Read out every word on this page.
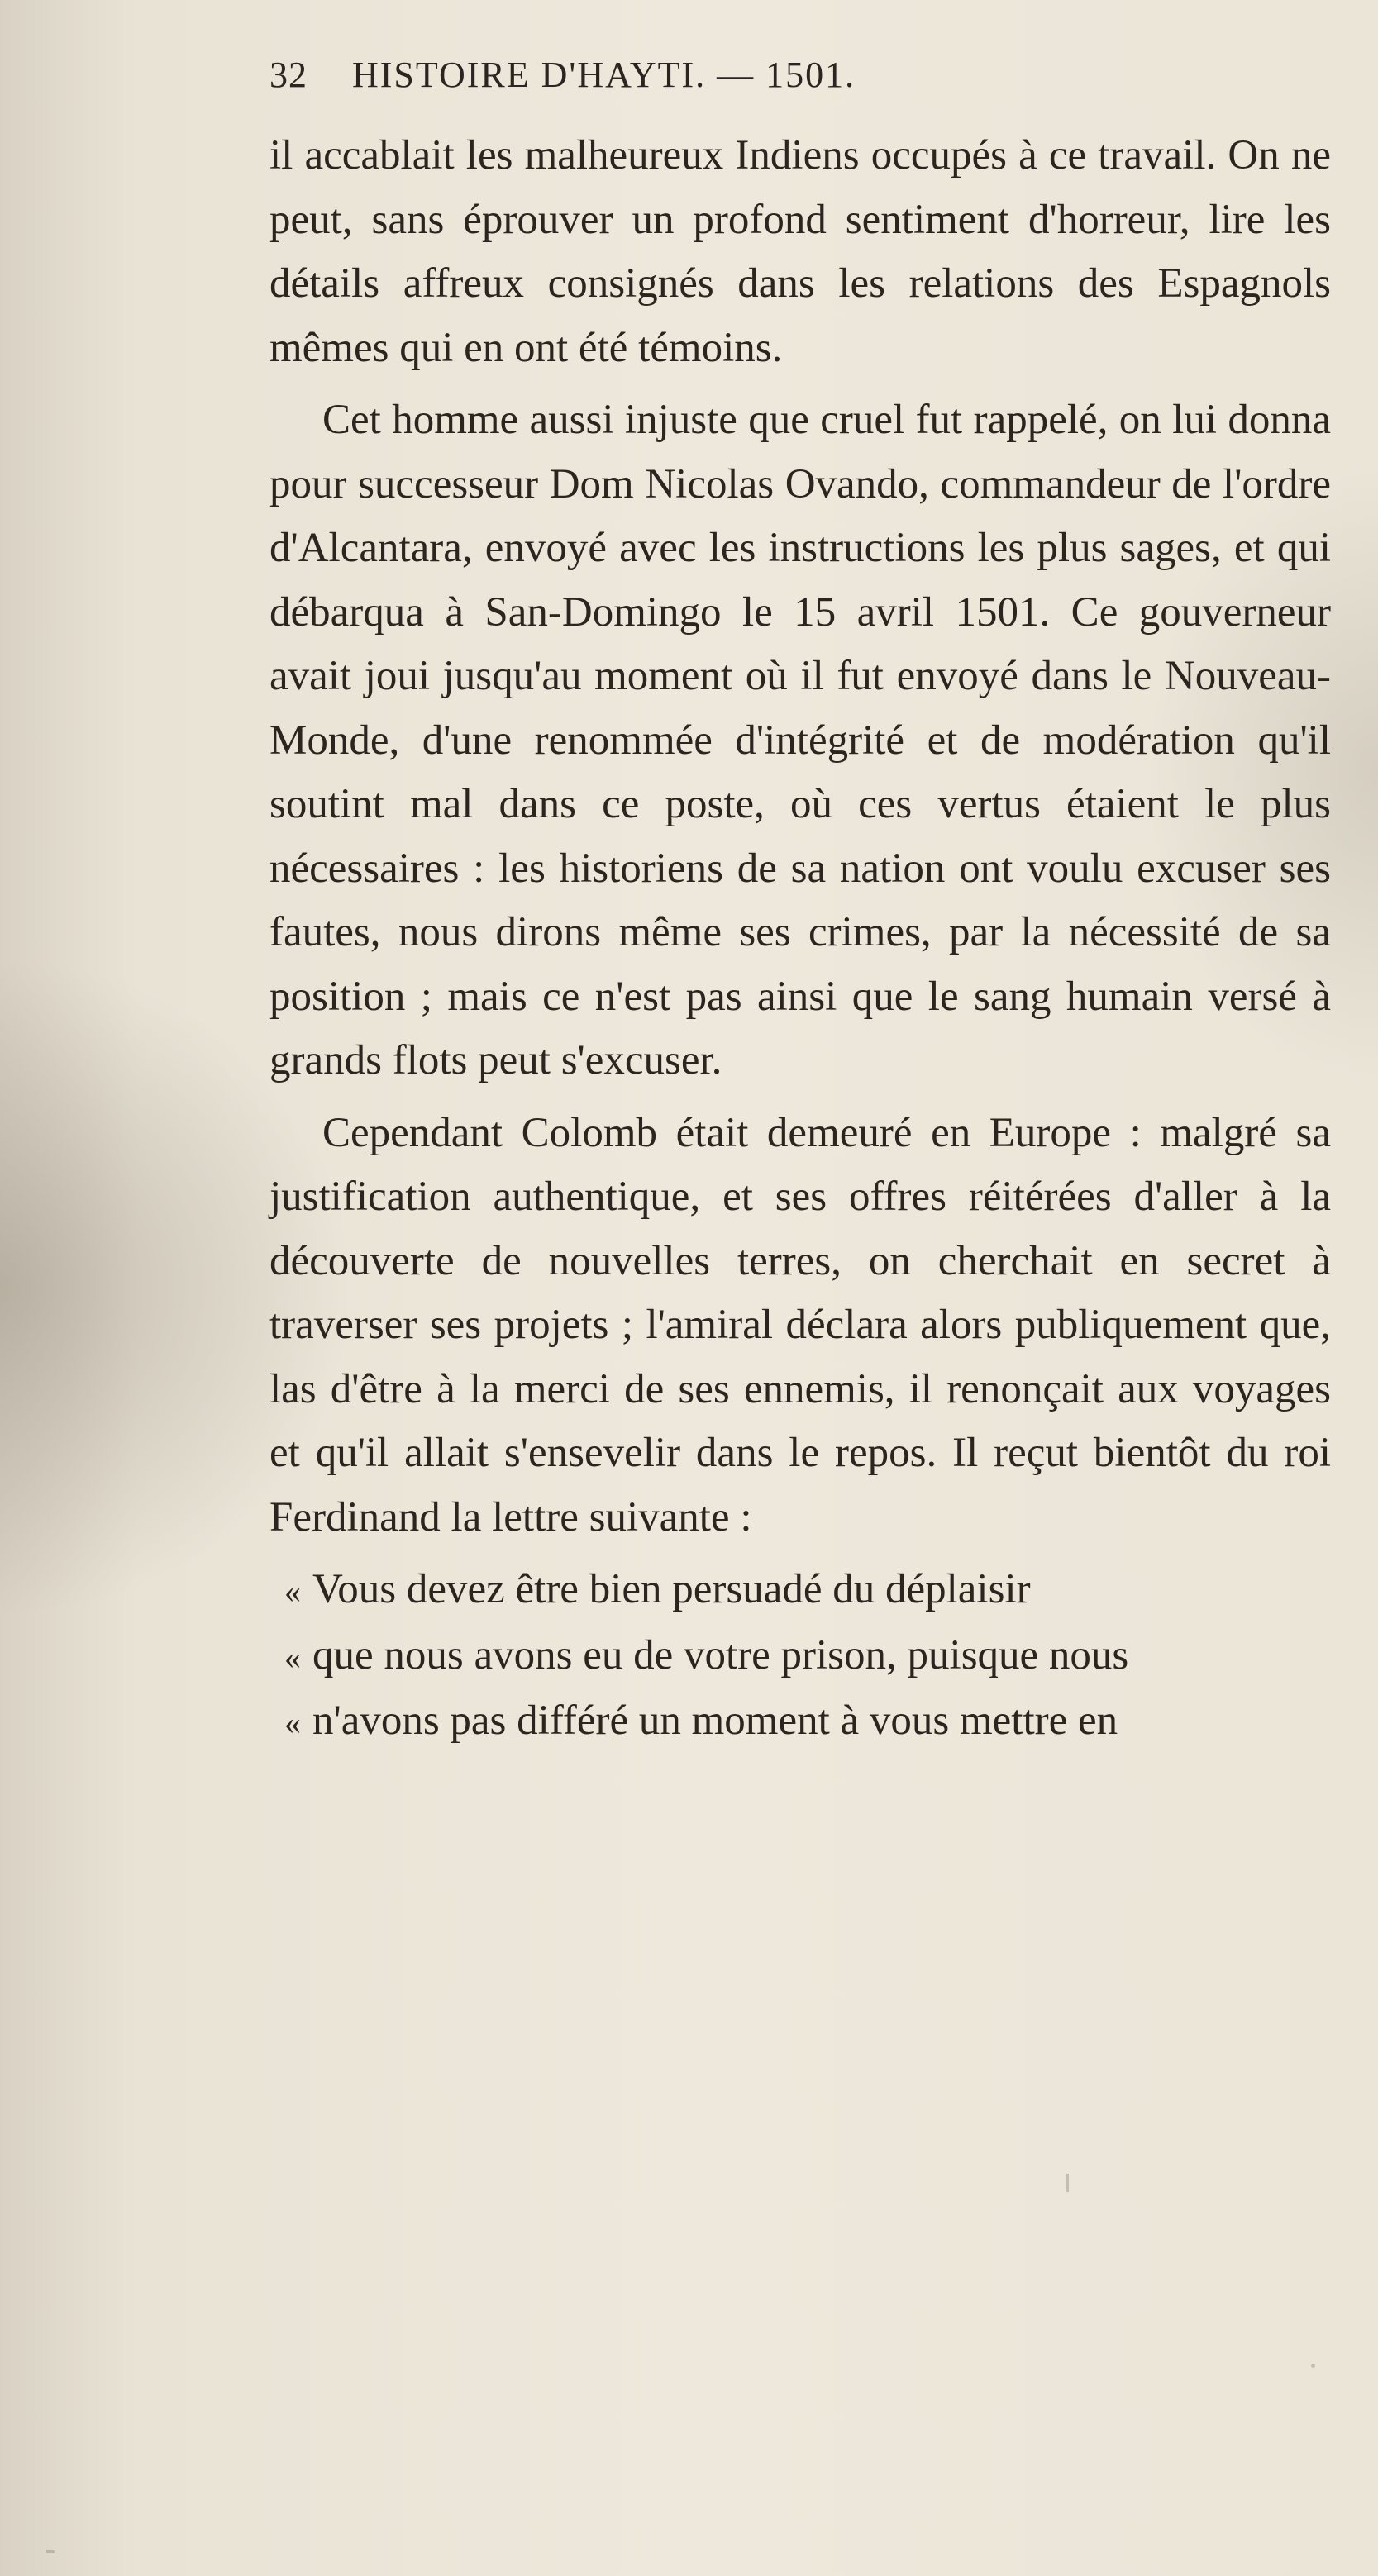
32	HISTOIRE D'HAYTI. — 1501.

il accablait les malheureux Indiens occupés à ce travail. On ne peut, sans éprouver un profond sentiment d'horreur, lire les détails affreux consignés dans les relations des Espagnols mêmes qui en ont été témoins.

Cet homme aussi injuste que cruel fut rappelé, on lui donna pour successeur Dom Nicolas Ovando, commandeur de l'ordre d'Alcantara, envoyé avec les instructions les plus sages, et qui débarqua à San-Domingo le 15 avril 1501. Ce gouverneur avait joui jusqu'au moment où il fut envoyé dans le Nouveau-Monde, d'une renommée d'intégrité et de modération qu'il soutint mal dans ce poste, où ces vertus étaient le plus nécessaires : les historiens de sa nation ont voulu excuser ses fautes, nous dirons même ses crimes, par la nécessité de sa position ; mais ce n'est pas ainsi que le sang humain versé à grands flots peut s'excuser.

Cependant Colomb était demeuré en Europe : malgré sa justification authentique, et ses offres réitérées d'aller à la découverte de nouvelles terres, on cherchait en secret à traverser ses projets ; l'amiral déclara alors publiquement que, las d'être à la merci de ses ennemis, il renonçait aux voyages et qu'il allait s'ensevelir dans le repos. Il reçut bientôt du roi Ferdinand la lettre suivante :

« Vous devez être bien persuadé du déplaisir
« que nous avons eu de votre prison, puisque nous
« n'avons pas différé un moment à vous mettre en
